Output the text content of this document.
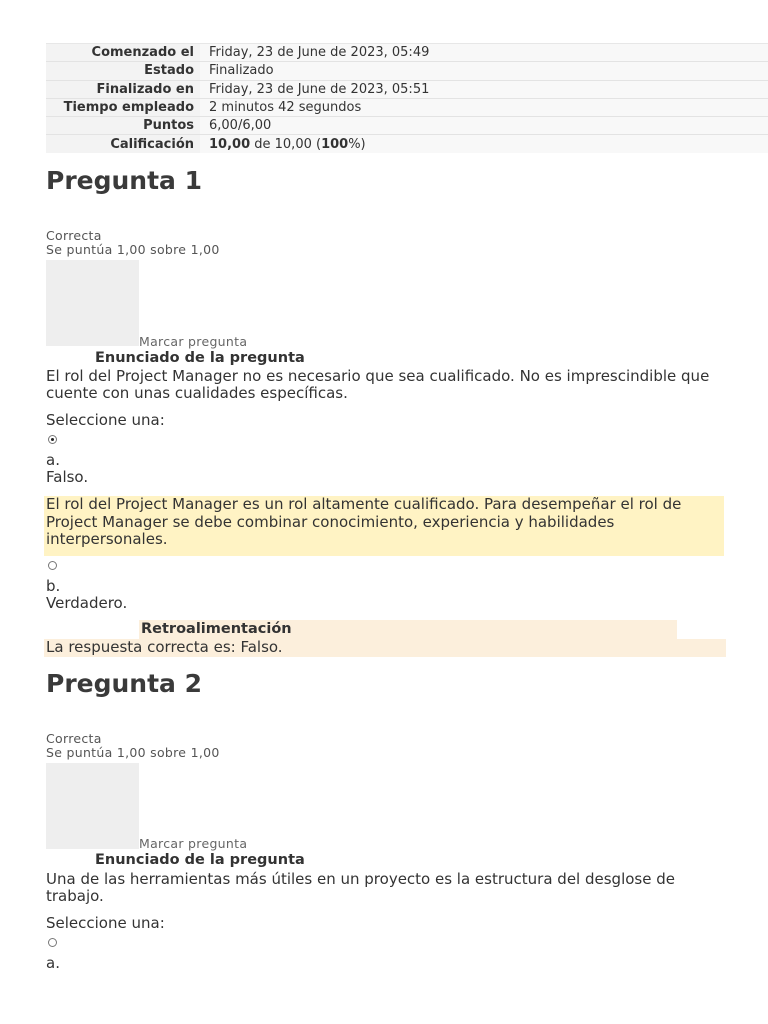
Comenzado el	Friday, 23 de June de 2023, 05:49
Estado	Finalizado
Finalizado en	Friday, 23 de June de 2023, 05:51
Tiempo empleado	2 minutos 42 segundos
Puntos	6,00/6,00
Calificación	10,00 de 10,00 (100%)
Pregunta 1
Correcta
Se puntúa 1,00 sobre 1,00
Marcar pregunta
Enunciado de la pregunta
El rol del Project Manager no es necesario que sea cualificado. No es imprescindible que cuente con unas cualidades específicas.
Seleccione una:
a.
Falso.

El rol del Project Manager es un rol altamente cualificado. Para desempeñar el rol de Project Manager se debe combinar conocimiento, experiencia y habilidades interpersonales.

b.
Verdadero.
Retroalimentación
La respuesta correcta es: Falso.
Pregunta 2
Correcta
Se puntúa 1,00 sobre 1,00
Marcar pregunta
Enunciado de la pregunta
Una de las herramientas más útiles en un proyecto es la estructura del desglose de trabajo.
Seleccione una:
a.
